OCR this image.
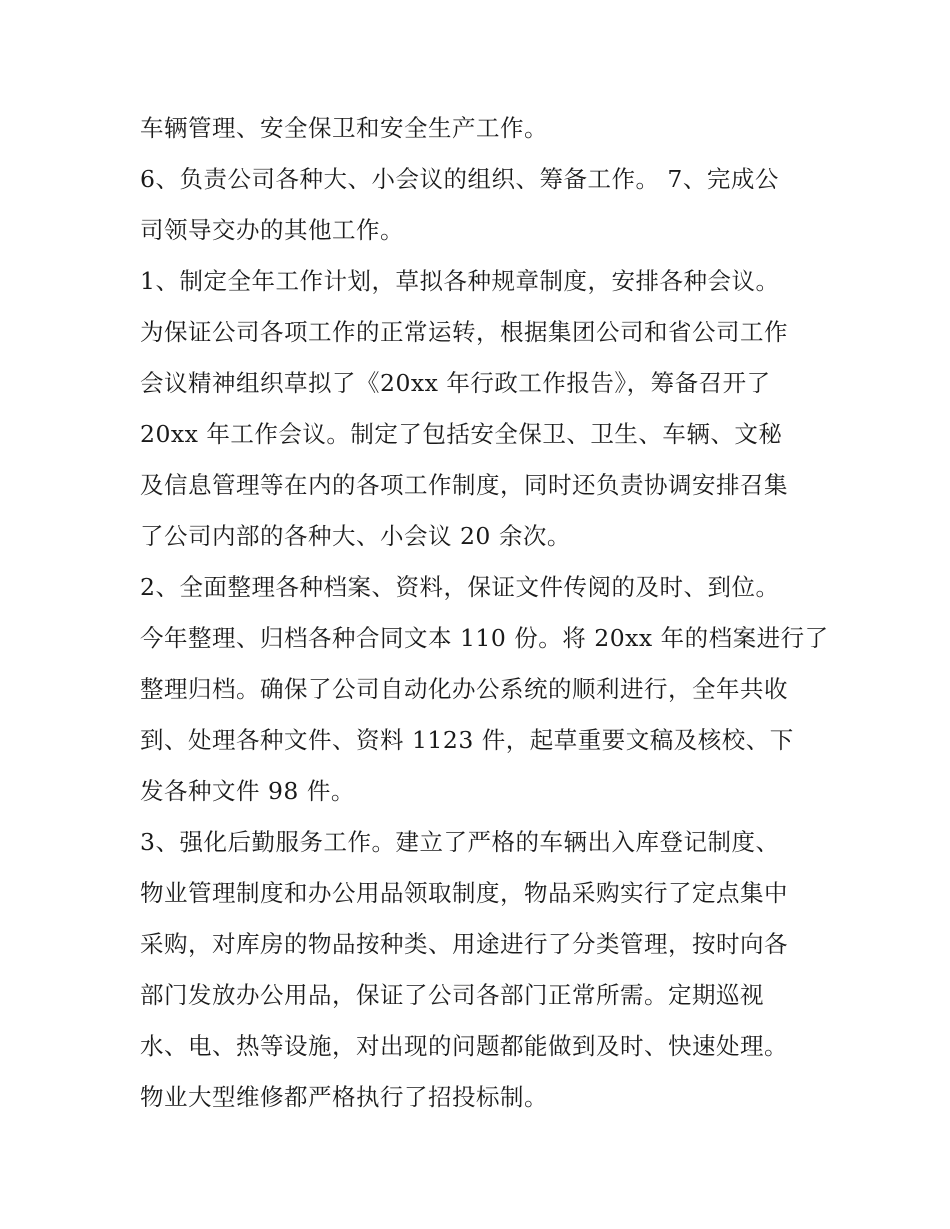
车辆管理、安全保卫和安全生产工作。
6、负责公司各种大、小会议的组织、筹备工作。 7、完成公
司领导交办的其他工作。
1、制定全年工作计划，草拟各种规章制度，安排各种会议。
为保证公司各项工作的正常运转，根据集团公司和省公司工作
会议精神组织草拟了《20xx 年行政工作报告》，筹备召开了
20xx 年工作会议。制定了包括安全保卫、卫生、车辆、文秘
及信息管理等在内的各项工作制度，同时还负责协调安排召集
了公司内部的各种大、小会议 20 余次。
2、全面整理各种档案、资料，保证文件传阅的及时、到位。
今年整理、归档各种合同文本 110 份。将 20xx 年的档案进行了
整理归档。确保了公司自动化办公系统的顺利进行，全年共收
到、处理各种文件、资料 1123 件，起草重要文稿及核校、下
发各种文件 98 件。
3、强化后勤服务工作。建立了严格的车辆出入库登记制度、
物业管理制度和办公用品领取制度，物品采购实行了定点集中
采购，对库房的物品按种类、用途进行了分类管理，按时向各
部门发放办公用品，保证了公司各部门正常所需。定期巡视
水、电、热等设施，对出现的问题都能做到及时、快速处理。
物业大型维修都严格执行了招投标制。
